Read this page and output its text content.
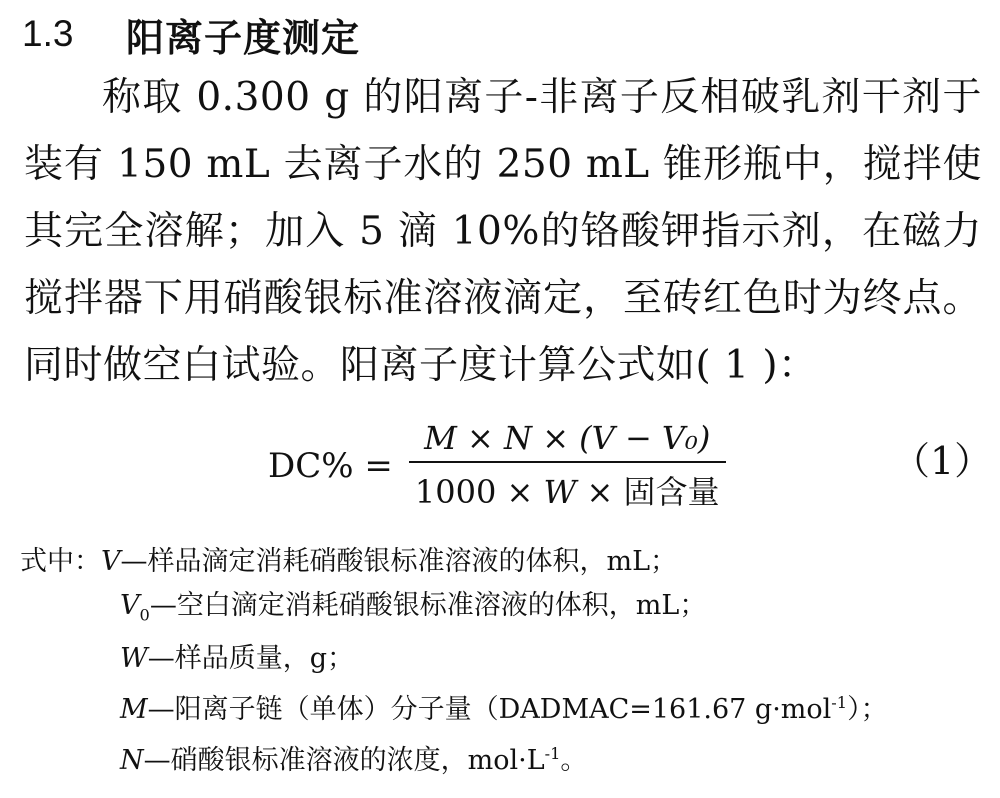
1.3	阳离子度测定
称取 0.300 g 的阳离子-非离子反相破乳剂干剂于装有 150 mL 去离子水的 250 mL 锥形瓶中，搅拌使其完全溶解；加入 5 滴 10%的铬酸钾指示剂，在磁力搅拌器下用硝酸银标准溶液滴定，至砖红色时为终点。同时做空白试验。阳离子度计算公式如( 1 )：
$DC\% = \frac{\text{M × N × (V − V₀)}}{\text{1000 × W × 固含量}}$	（1）
式中：V—样品滴定消耗硝酸银标准溶液的体积，mL；
$V_0—$空白滴定消耗硝酸银标准溶液的体积，mL；
W—样品质量，g；
M—阳离子链（单体）分子量（DADMAC=161.67 g·mol$^{-1}$）；
N—硝酸银标准溶液的浓度，$mol\cdot L^{-1}$。
